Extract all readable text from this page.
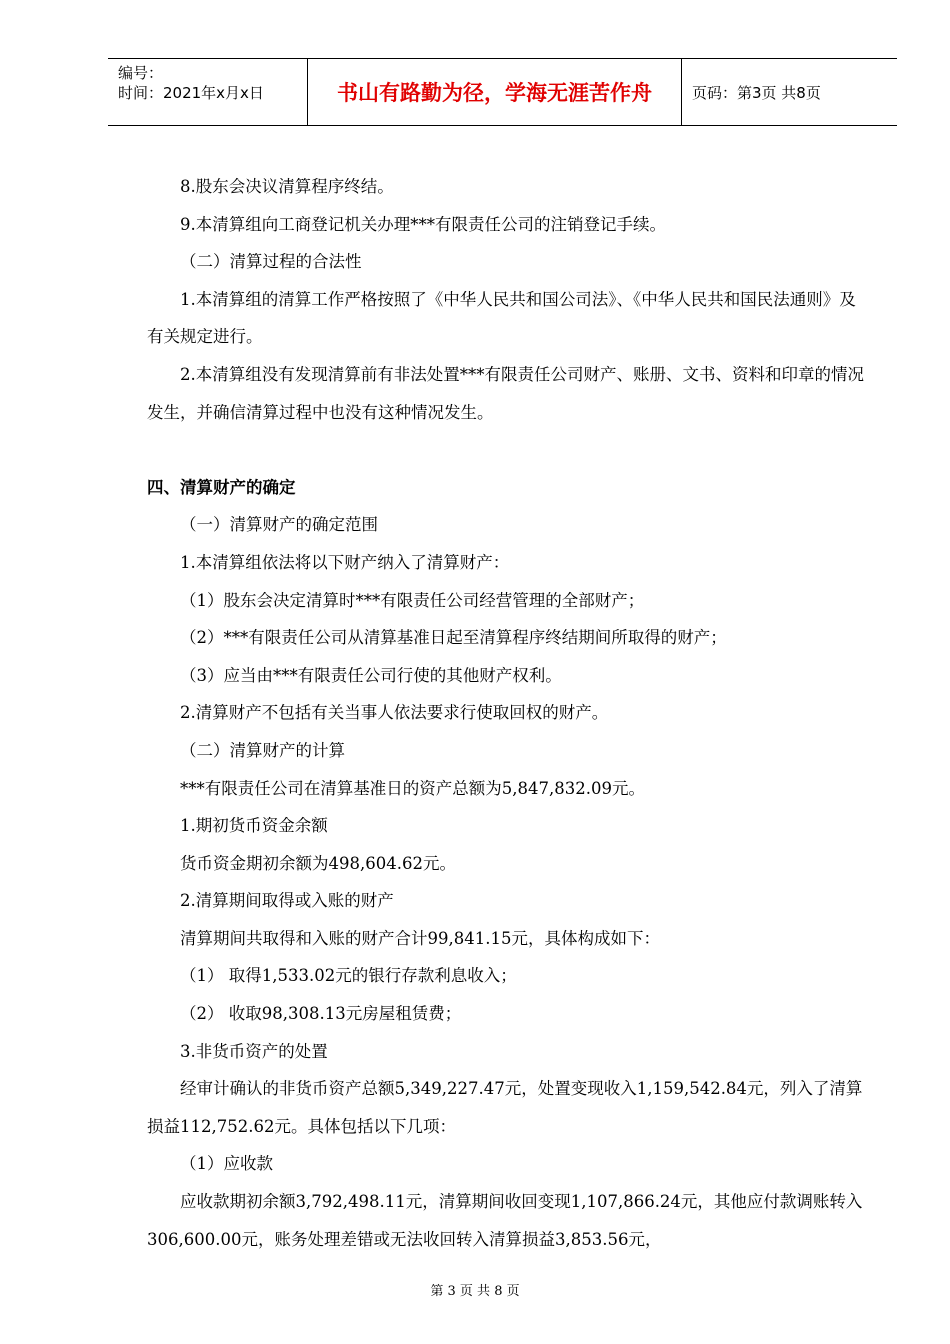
编号：
时间：2021年x月x日	书山有路勤为径，学海无涯苦作舟	页码：第3页 共8页

8.股东会决议清算程序终结。

9.本清算组向工商登记机关办理***有限责任公司的注销登记手续。

（二）清算过程的合法性

1.本清算组的清算工作严格按照了《中华人民共和国公司法》、《中华人民共和国民法通则》及有关规定进行。

2.本清算组没有发现清算前有非法处置***有限责任公司财产、账册、文书、资料和印章的情况发生，并确信清算过程中也没有这种情况发生。

四、清算财产的确定

（一）清算财产的确定范围

1.本清算组依法将以下财产纳入了清算财产：

（1）股东会决定清算时***有限责任公司经营管理的全部财产；

（2）***有限责任公司从清算基准日起至清算程序终结期间所取得的财产；

（3）应当由***有限责任公司行使的其他财产权利。

2.清算财产不包括有关当事人依法要求行使取回权的财产。

（二）清算财产的计算

***有限责任公司在清算基准日的资产总额为5,847,832.09元。

1.期初货币资金余额

货币资金期初余额为498,604.62元。

2.清算期间取得或入账的财产

清算期间共取得和入账的财产合计99,841.15元，具体构成如下：

（1） 取得1,533.02元的银行存款利息收入；

（2） 收取98,308.13元房屋租赁费；

3.非货币资产的处置

经审计确认的非货币资产总额5,349,227.47元，处置变现收入1,159,542.84元，列入了清算损益112,752.62元。具体包括以下几项：

（1）应收款

应收款期初余额3,792,498.11元，清算期间收回变现1,107,866.24元，其他应付款调账转入306,600.00元，账务处理差错或无法收回转入清算损益3,853.56元，

第 3 页 共 8 页
